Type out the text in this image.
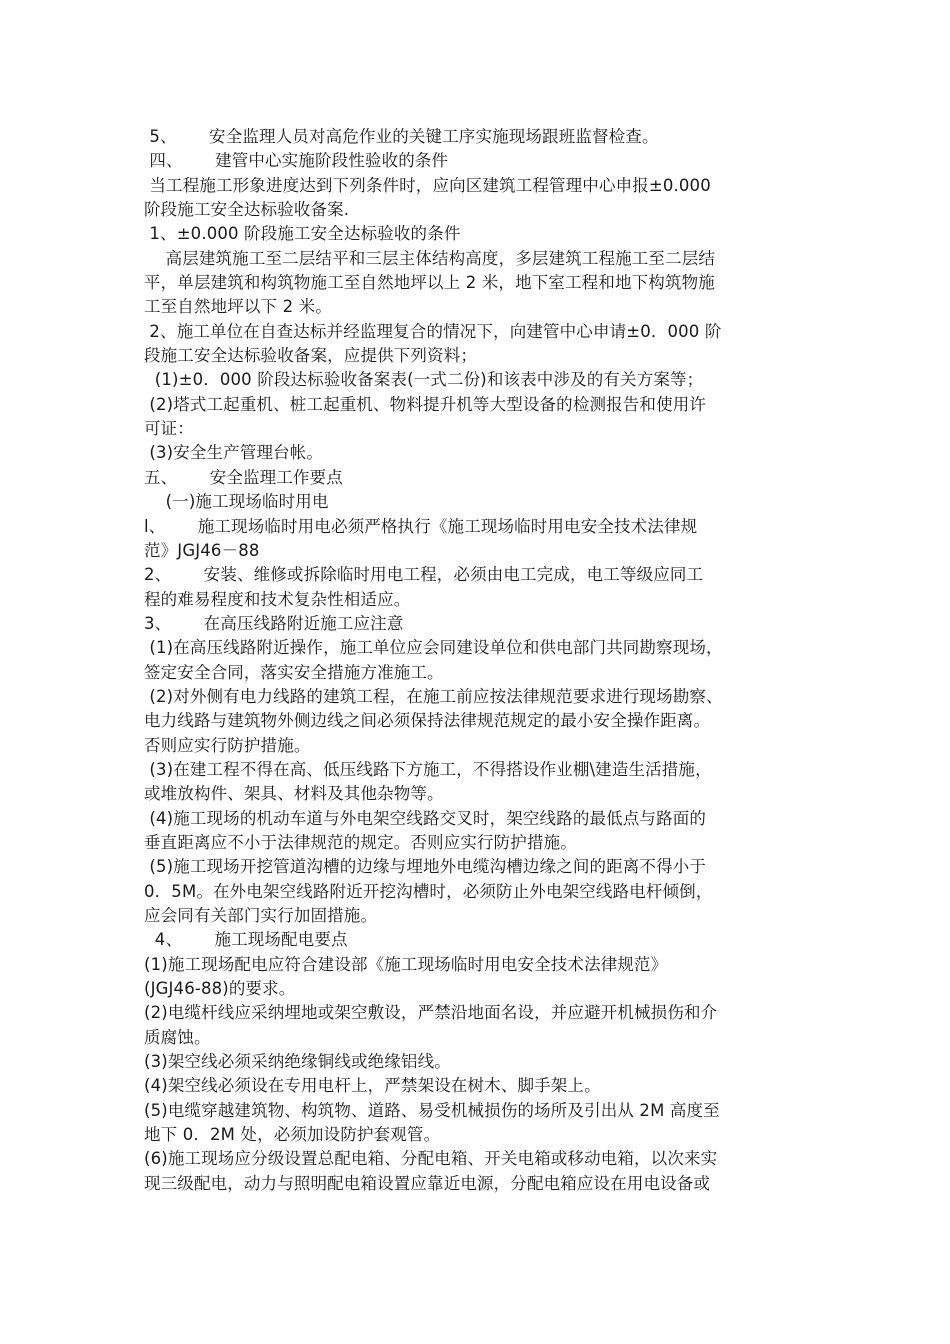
5、      安全监理人员对高危作业的关键工序实施现场跟班监督检查。
四、      建管中心实施阶段性验收的条件
当工程施工形象进度达到下列条件时，应向区建筑工程管理中心申报±0.000
阶段施工安全达标验收备案.
1、±0.000 阶段施工安全达标验收的条件
高层建筑施工至二层结平和三层主体结构高度，多层建筑工程施工至二层结
平，单层建筑和构筑物施工至自然地坪以上 2 米，地下室工程和地下构筑物施
工至自然地坪以下 2 米。
2、施工单位在自查达标并经监理复合的情况下，向建管中心申请±0．000 阶
段施工安全达标验收备案，应提供下列资料；
(1)±0．000 阶段达标验收备案表(一式二份)和该表中涉及的有关方案等；
(2)塔式工起重机、桩工起重机、物料提升机等大型设备的检测报告和使用许
可证：
(3)安全生产管理台帐。
五、      安全监理工作要点
(一)施工现场临时用电
l、      施工现场临时用电必须严格执行《施工现场临时用电安全技术法律规
范》JGJ46－88
2、      安装、维修或拆除临时用电工程，必须由电工完成，电工等级应同工
程的难易程度和技术复杂性相适应。
3、      在高压线路附近施工应注意
(1)在高压线路附近操作，施工单位应会同建设单位和供电部门共同勘察现场，
签定安全合同，落实安全措施方准施工。
(2)对外侧有电力线路的建筑工程，在施工前应按法律规范要求进行现场勘察、
电力线路与建筑物外侧边线之间必须保持法律规范规定的最小安全操作距离。
否则应实行防护措施。
(3)在建工程不得在高、低压线路下方施工，不得搭设作业棚\建造生活措施，
或堆放构件、架具、材料及其他杂物等。
(4)施工现场的机动车道与外电架空线路交叉时，架空线路的最低点与路面的
垂直距离应不小于法律规范的规定。否则应实行防护措施。
(5)施工现场开挖管道沟槽的边缘与埋地外电缆沟槽边缘之间的距离不得小于
0．5M。在外电架空线路附近开挖沟槽时，必须防止外电架空线路电杆倾倒，
应会同有关部门实行加固措施。
4、      施工现场配电要点
(1)施工现场配电应符合建设部《施工现场临时用电安全技术法律规范》
(JGJ46-88)的要求。
(2)电缆杆线应采纳埋地或架空敷设，严禁沿地面名设，并应避开机械损伤和介
质腐蚀。
(3)架空线必须采纳绝缘铜线或绝缘铝线。
(4)架空线必须设在专用电杆上，严禁架设在树木、脚手架上。
(5)电缆穿越建筑物、构筑物、道路、易受机械损伤的场所及引出从 2M 高度至
地下 0．2M 处，必须加设防护套观管。
(6)施工现场应分级设置总配电箱、分配电箱、开关电箱或移动电箱，以次来实
现三级配电，动力与照明配电箱设置应靠近电源，分配电箱应设在用电设备或
